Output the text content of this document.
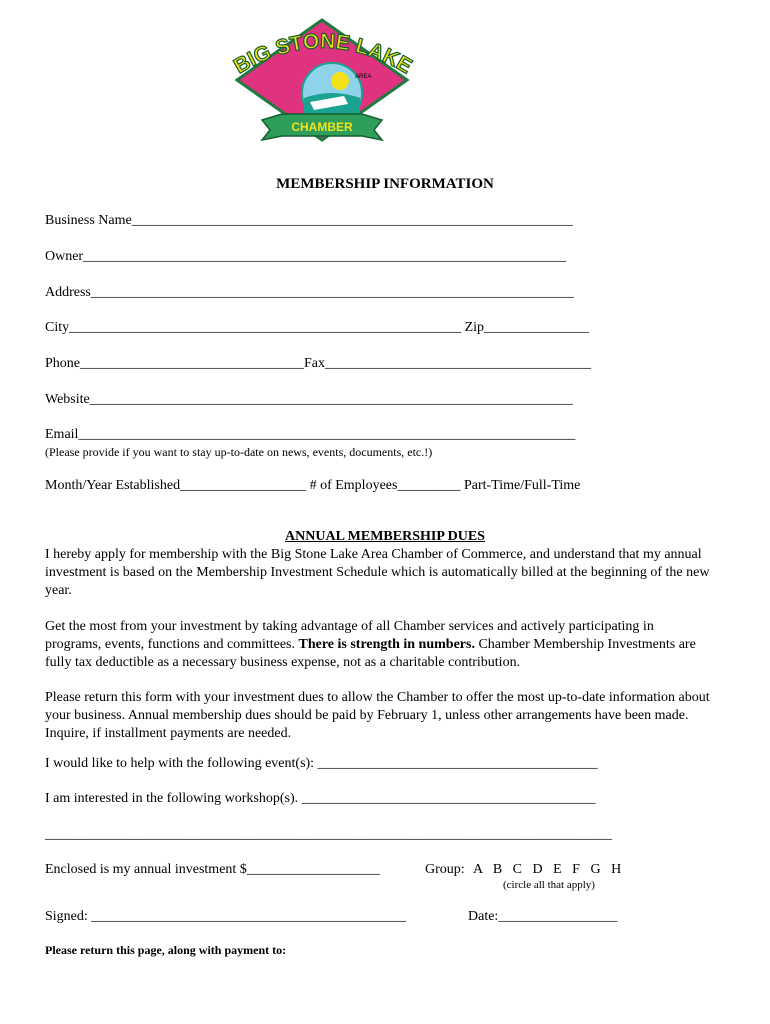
CHAMBER
BIG STONE LAKE
AREA
MEMBERSHIP INFORMATION
Business Name_______________________________________________________________
Owner_____________________________________________________________________
Address_____________________________________________________________________
City________________________________________________________ Zip_______________
Phone________________________________Fax______________________________________
Website_____________________________________________________________________
Email_______________________________________________________________________
(Please provide if you want to stay up-to-date on news, events, documents, etc.!)
Month/Year Established__________________ # of Employees_________ Part-Time/Full-Time
ANNUAL MEMBERSHIP DUES
I hereby apply for membership with the Big Stone Lake Area Chamber of Commerce, and understand that my annual investment is based on the Membership Investment Schedule which is automatically billed at the beginning of the new year.
Get the most from your investment by taking advantage of all Chamber services and actively participating in programs, events, functions and committees. There is strength in numbers. Chamber Membership Investments are fully tax deductible as a necessary business expense, not as a charitable contribution.
Please return this form with your investment dues to allow the Chamber to offer the most up-to-date information about your business. Annual membership dues should be paid by February 1, unless other arrangements have been made. Inquire, if installment payments are needed.
I would like to help with the following event(s): ________________________________________
I am interested in the following workshop(s). __________________________________________
_________________________________________________________________________________
Enclosed is my annual investment $___________________	Group: A   B   C   D   E   F   G   H
(circle all that apply)
Signed: _____________________________________________	Date:_________________
Please return this page, along with payment to:
